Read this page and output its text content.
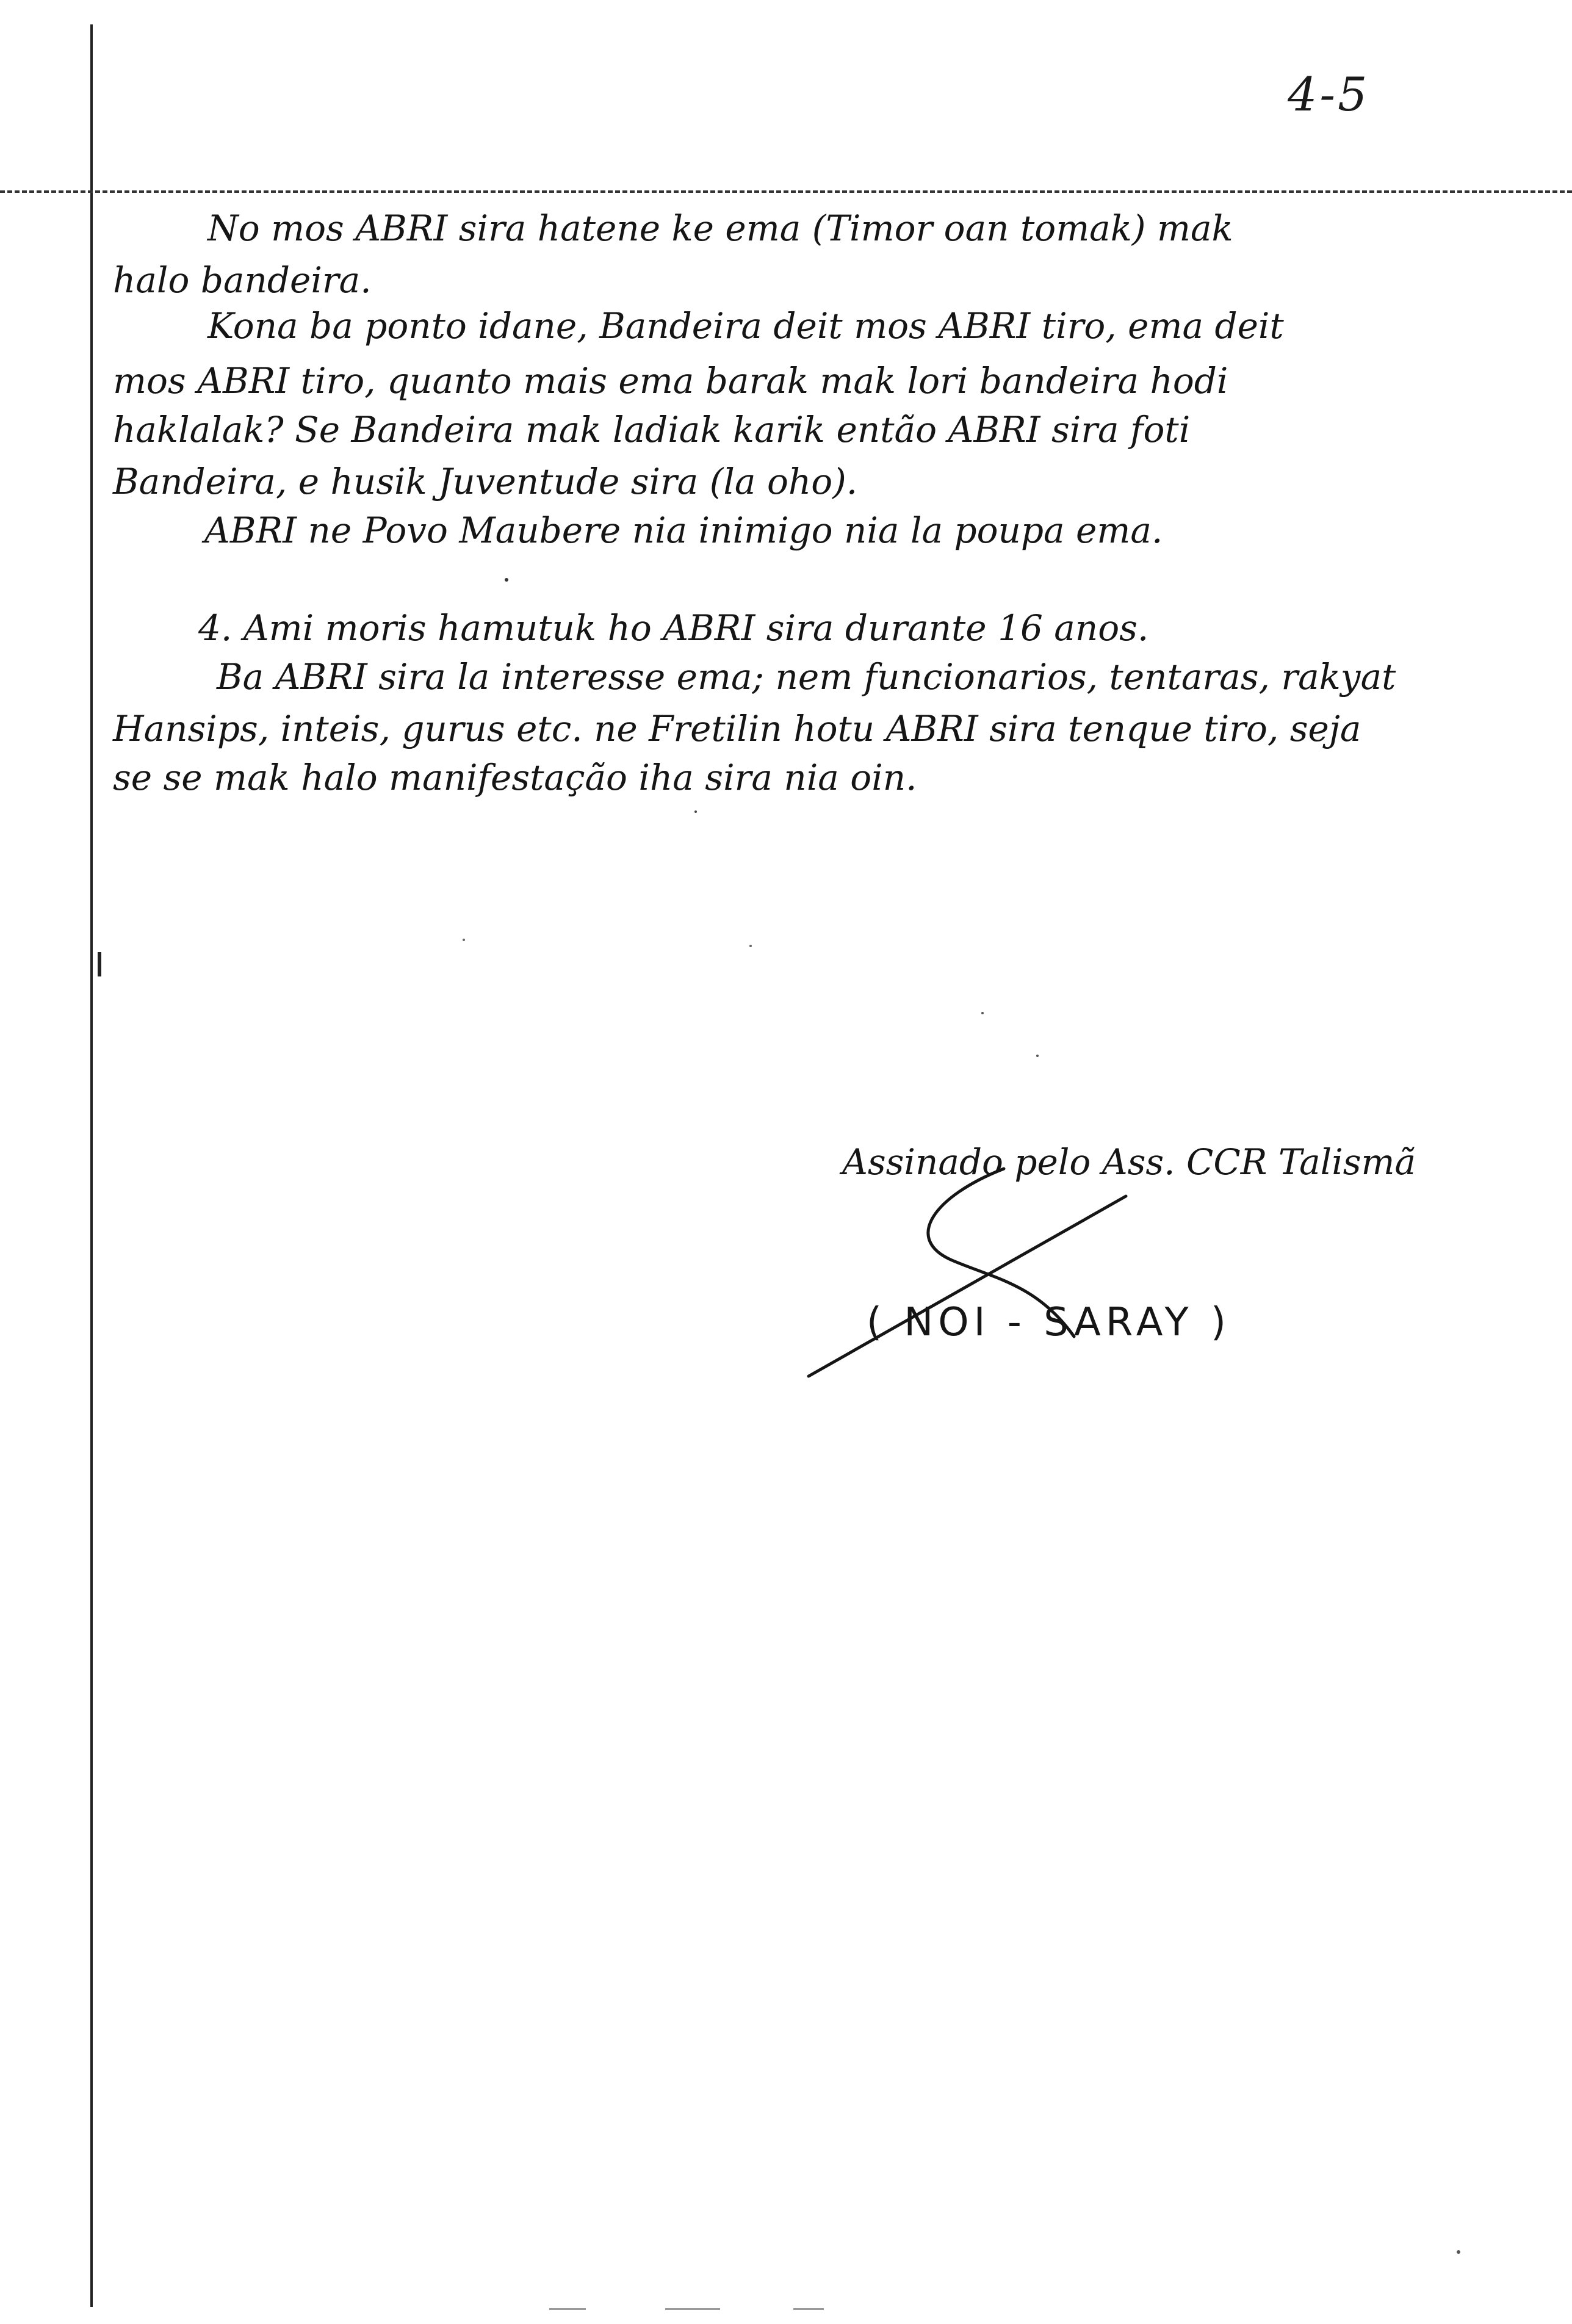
4-5
No mos ABRI sira hatene ke ema (Timor oan tomak) mak
halo bandeira.
Kona ba ponto idane, Bandeira deit mos ABRI tiro, ema deit
mos ABRI tiro, quanto mais ema barak mak lori bandeira hodi
haklalak? Se Bandeira mak ladiak karik então ABRI sira foti
Bandeira, e husik Juventude sira (la oho).
ABRI ne Povo Maubere nia inimigo nia la poupa ema.
4. Ami moris hamutuk ho ABRI sira durante 16 anos.
Ba ABRI sira la interesse ema; nem funcionarios, tentaras, rakyat
Hansips, inteis, gurus etc. ne Fretilin hotu ABRI sira tenque tiro, seja
se se mak halo manifestação iha sira nia oin.
Assinado pelo Ass. CCR Talismã
( NOI - SARAY )
